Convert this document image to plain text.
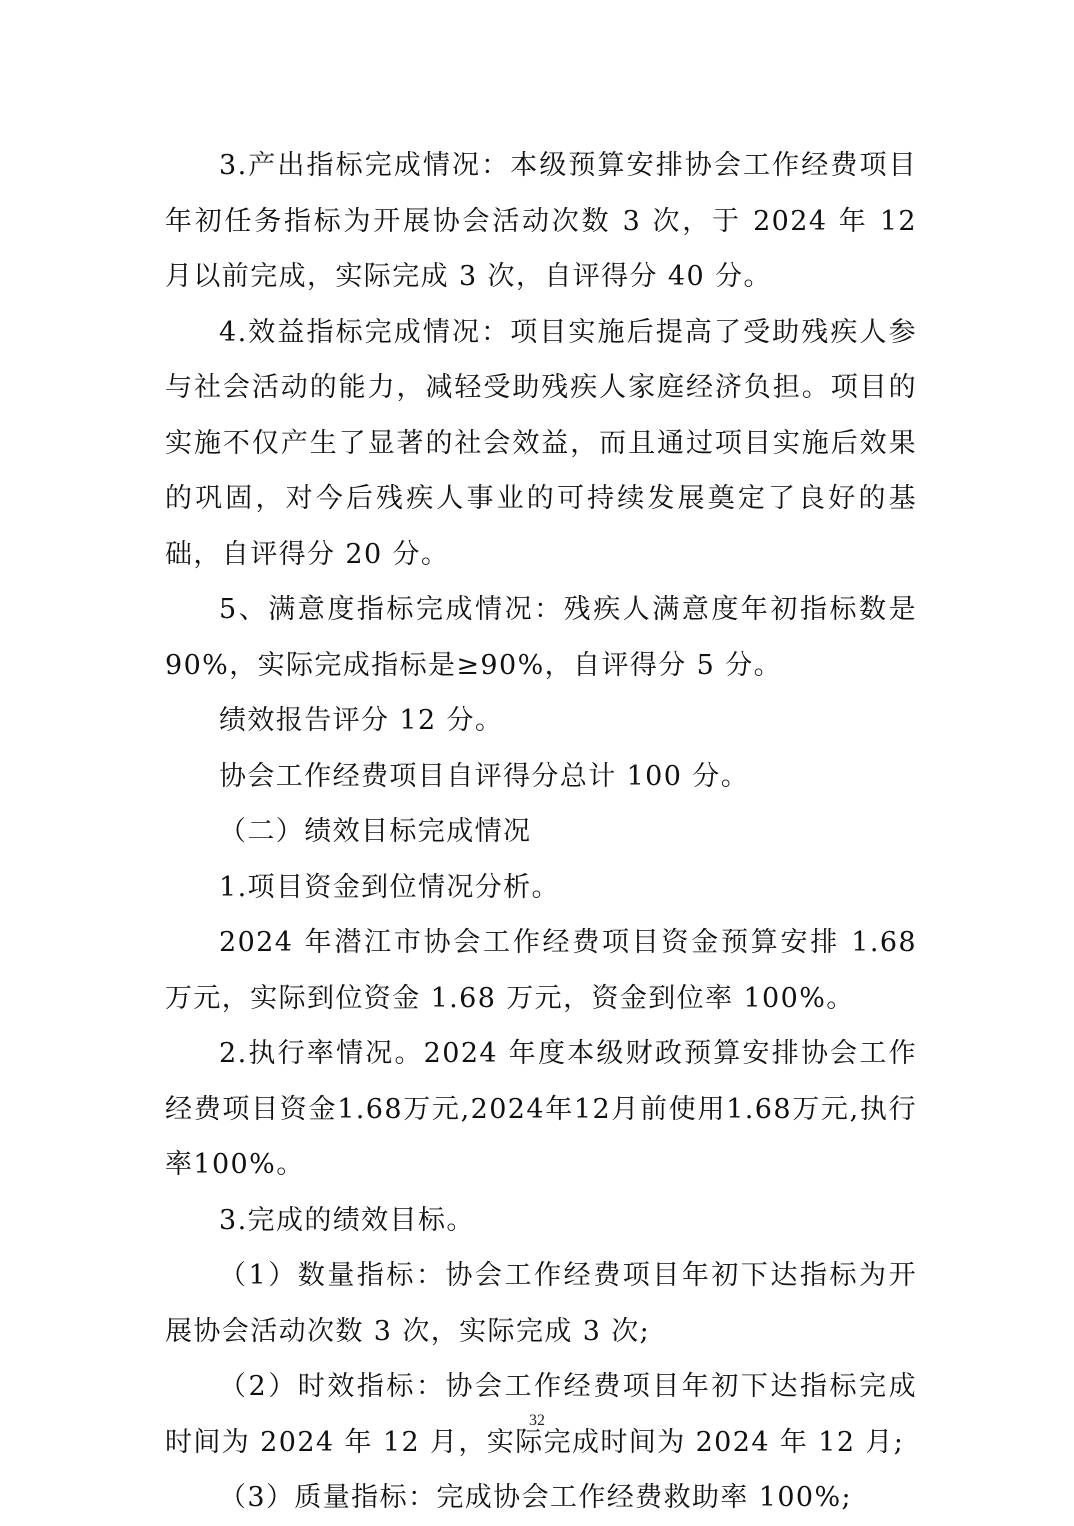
3.产出指标完成情况：本级预算安排协会工作经费项目年初任务指标为开展协会活动次数 3 次，于 2024 年 12 月以前完成，实际完成 3 次，自评得分 40 分。

4.效益指标完成情况：项目实施后提高了受助残疾人参与社会活动的能力，减轻受助残疾人家庭经济负担。项目的实施不仅产生了显著的社会效益，而且通过项目实施后效果的巩固，对今后残疾人事业的可持续发展奠定了良好的基础，自评得分 20 分。

5、满意度指标完成情况：残疾人满意度年初指标数是 90%，实际完成指标是≥90%，自评得分 5 分。

绩效报告评分 12 分。

协会工作经费项目自评得分总计 100 分。

（二）绩效目标完成情况

1.项目资金到位情况分析。

2024 年潜江市协会工作经费项目资金预算安排 1.68 万元，实际到位资金 1.68 万元，资金到位率 100%。

2.执行率情况。2024 年度本级财政预算安排协会工作经费项目资金1.68万元,2024年12月前使用1.68万元,执行率100%。

3.完成的绩效目标。

（1）数量指标：协会工作经费项目年初下达指标为开展协会活动次数 3 次，实际完成 3 次;

（2）时效指标：协会工作经费项目年初下达指标完成时间为 2024 年 12 月，实际完成时间为 2024 年 12 月;

（3）质量指标：完成协会工作经费救助率 100%;

32
